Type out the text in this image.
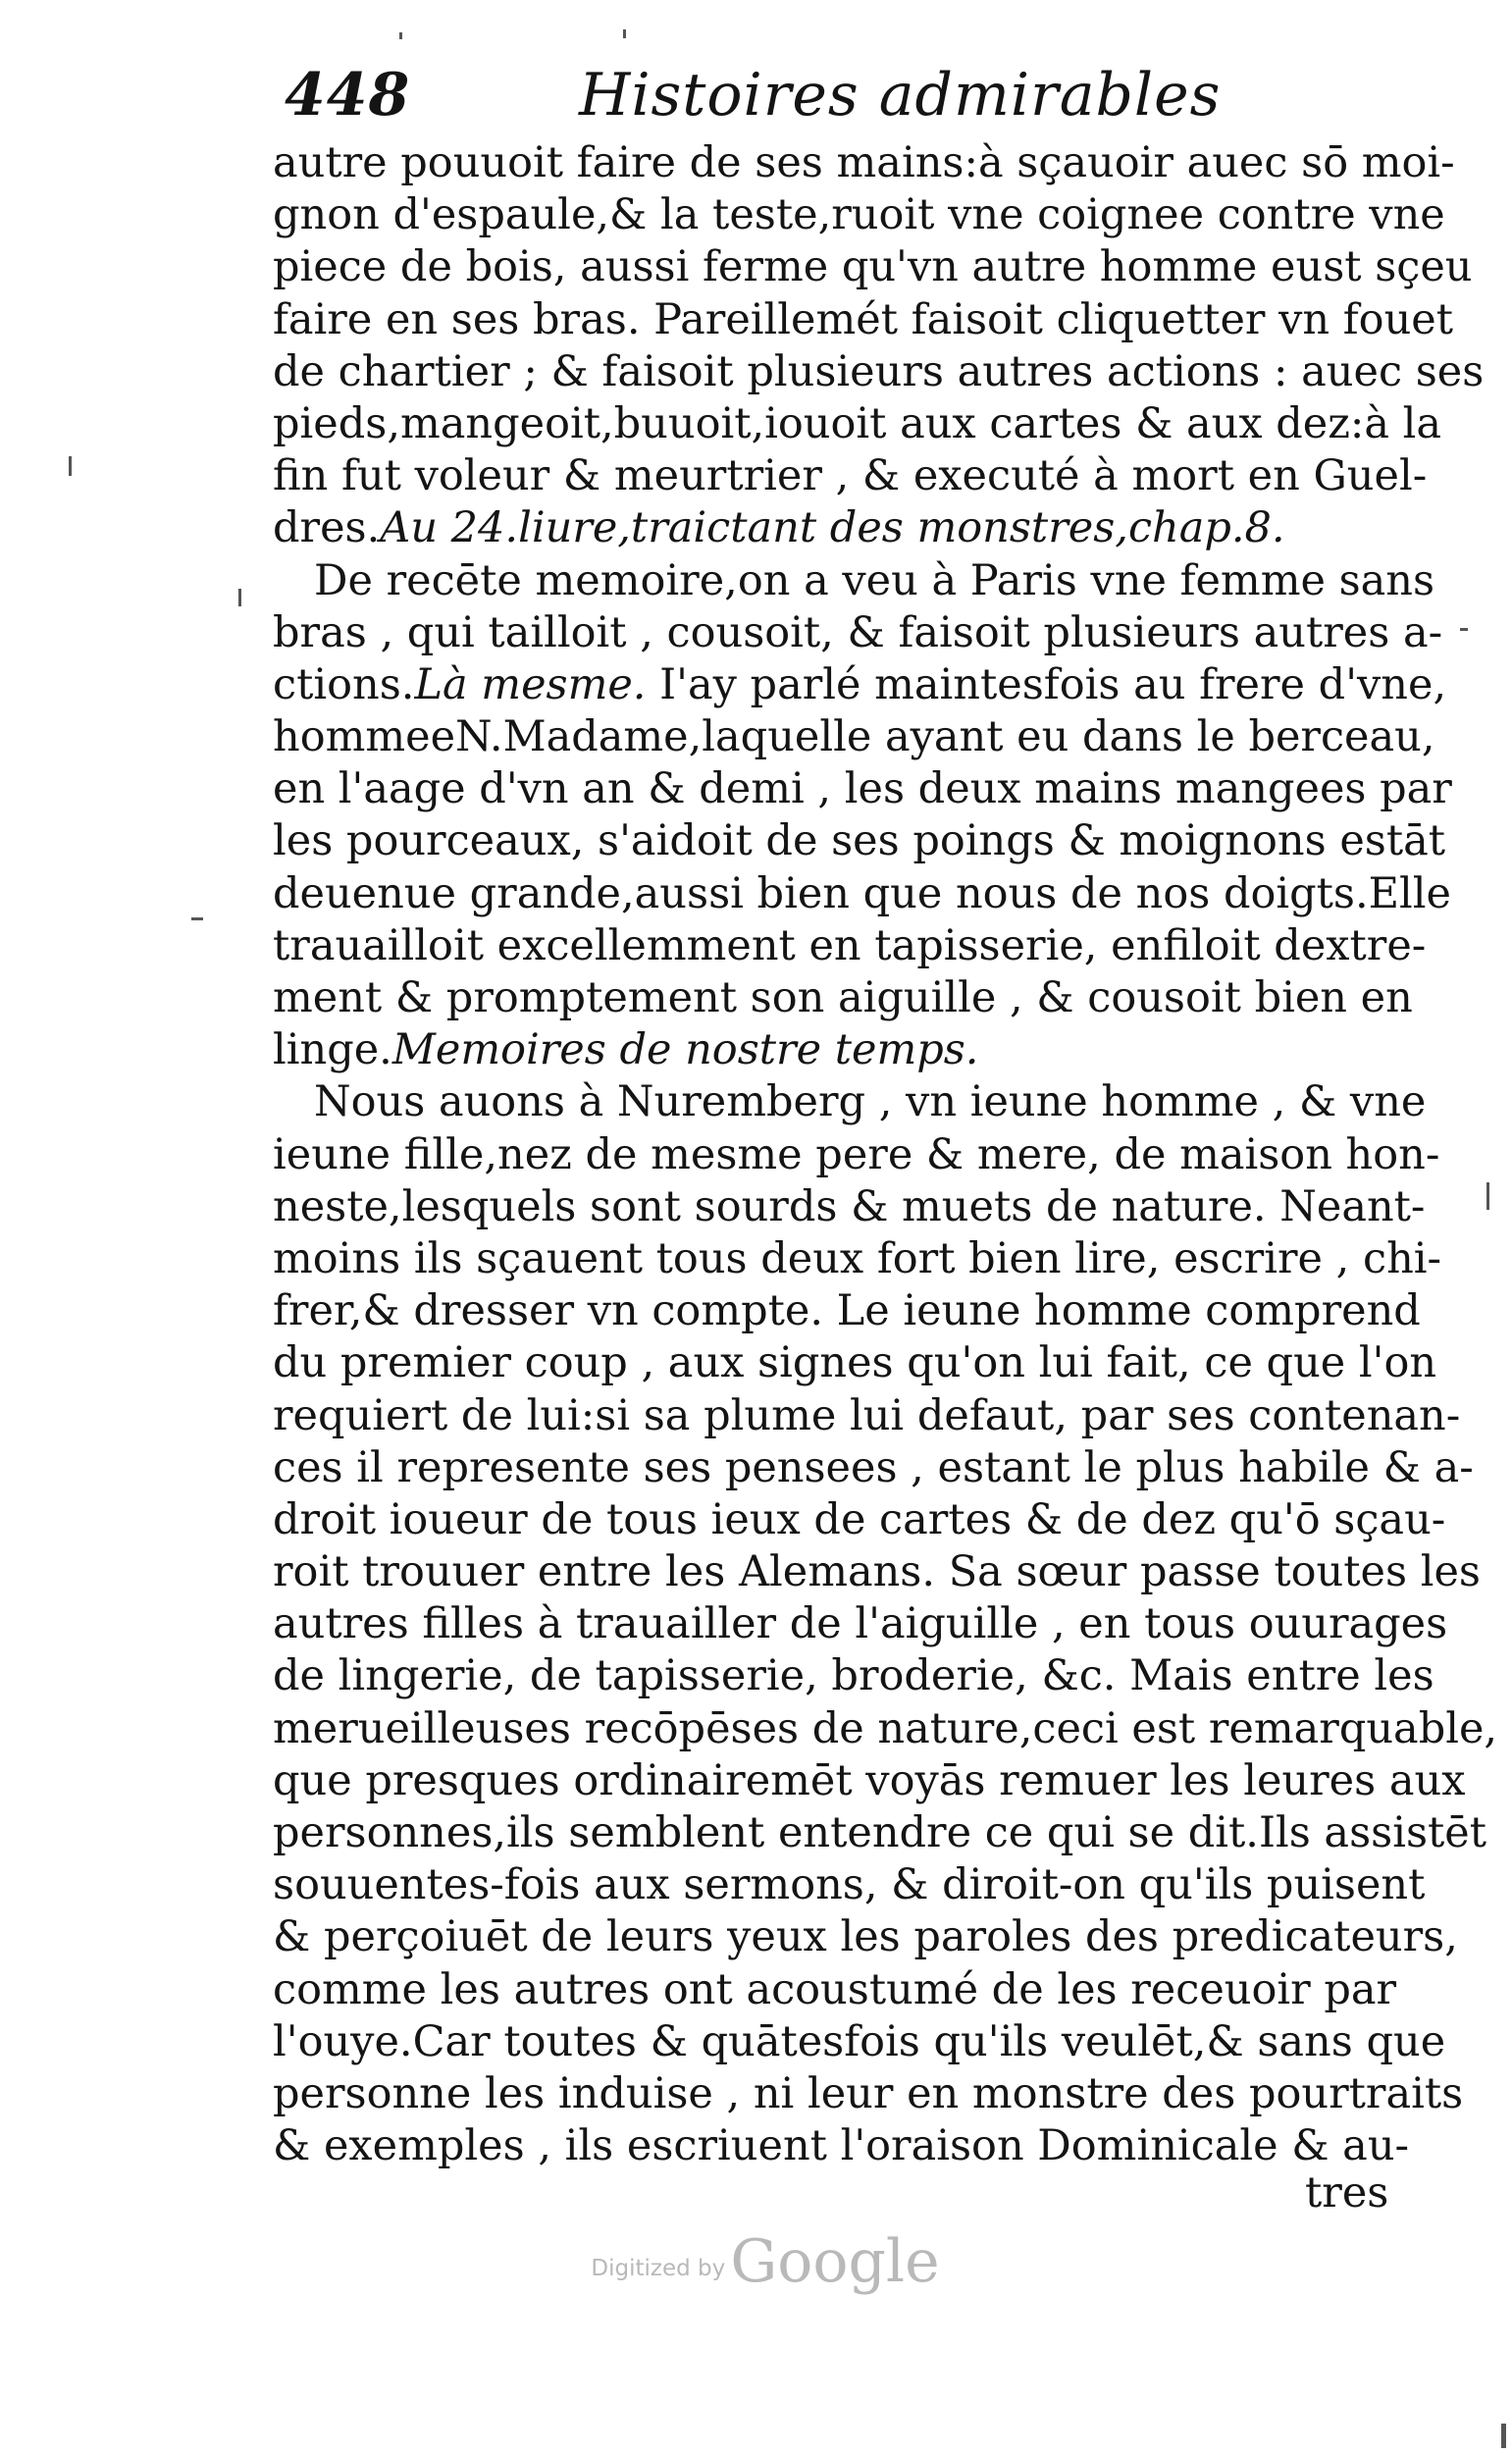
448	Histoires admirables
autre pouuoit faire de ses mains:à sçauoir auec sō moi-
gnon d'espaule,& la teste,ruoit vne coignee contre vne
piece de bois, aussi ferme qu'vn autre homme eust sçeu
faire en ses bras. Pareillemét faisoit cliquetter vn fouet
de chartier ; & faisoit plusieurs autres actions : auec ses
pieds,mangeoit,buuoit,iouoit aux cartes & aux dez:à la
fin fut voleur & meurtrier , & executé à mort en Guel-
dres.Au 24.liure,traictant des monstres,chap.8.
De recēte memoire,on a veu à Paris vne femme sans
bras , qui tailloit , cousoit, & faisoit plusieurs autres a-
ctions.Là mesme. I'ay parlé maintesfois au frere d'vne,
hommeeN.Madame,laquelle ayant eu dans le berceau,
en l'aage d'vn an & demi , les deux mains mangees par
les pourceaux, s'aidoit de ses poings & moignons estāt
deuenue grande,aussi bien que nous de nos doigts.Elle
trauailloit excellemment en tapisserie, enfiloit dextre-
ment & promptement son aiguille , & cousoit bien en
linge.Memoires de nostre temps.
Nous auons à Nuremberg , vn ieune homme , & vne
ieune fille,nez de mesme pere & mere, de maison hon-
neste,lesquels sont sourds & muets de nature. Neant-
moins ils sçauent tous deux fort bien lire, escrire , chi-
frer,& dresser vn compte. Le ieune homme comprend
du premier coup , aux signes qu'on lui fait, ce que l'on
requiert de lui:si sa plume lui defaut, par ses contenan-
ces il represente ses pensees , estant le plus habile & a-
droit ioueur de tous ieux de cartes & de dez qu'ō sçau-
roit trouuer entre les Alemans. Sa sœur passe toutes les
autres filles à trauailler de l'aiguille , en tous ouurages
de lingerie, de tapisserie, broderie, &c. Mais entre les
merueilleuses recōpēses de nature,ceci est remarquable,
que presques ordinairemēt voyās remuer les leures aux
personnes,ils semblent entendre ce qui se dit.Ils assistēt
souuentes-fois aux sermons, & diroit-on qu'ils puisent
& perçoiuēt de leurs yeux les paroles des predicateurs,
comme les autres ont acoustumé de les receuoir par
l'ouye.Car toutes & quātesfois qu'ils veulēt,& sans que
personne les induise , ni leur en monstre des pourtraits
& exemples , ils escriuent l'oraison Dominicale & au-
tres
Digitized by Google
